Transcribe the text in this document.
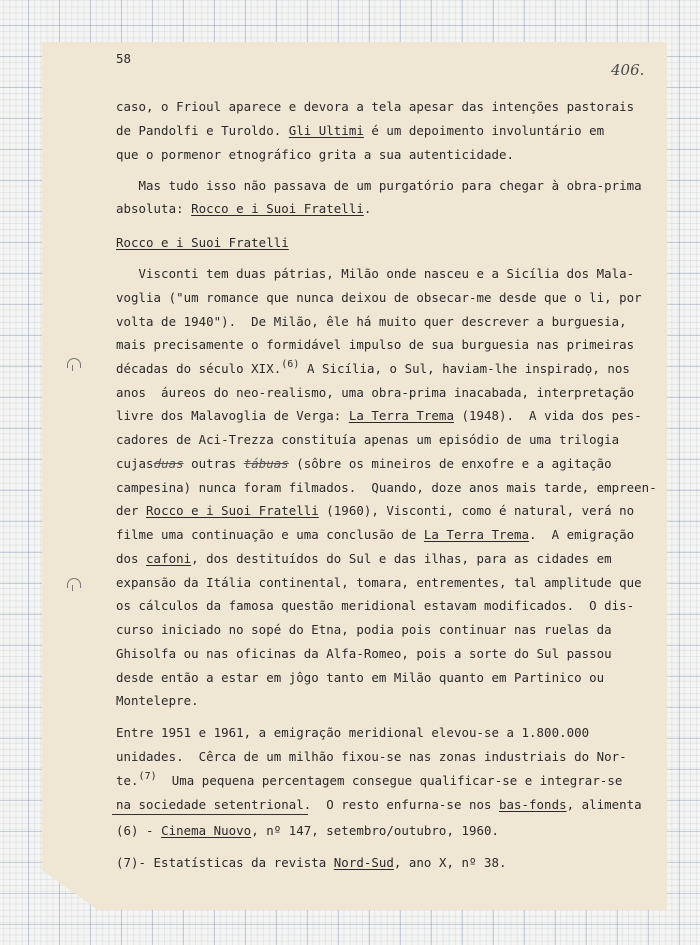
58
406.
caso, o Frioul aparece e devora a tela apesar das intenções pastorais
de Pandolfi e Turoldo. Gli Ultimi é um depoimento involuntário em
que o pormenor etnográfico grita a sua autenticidade.
Mas tudo isso não passava de um purgatório para chegar à obra-prima
absoluta: Rocco e i Suoi Fratelli.
Rocco e i Suoi Fratelli
Visconti tem duas pátrias, Milão onde nasceu e a Sicília dos Mala-
voglia ("um romance que nunca deixou de obsecar-me desde que o li, por
volta de 1940").  De Milão, êle há muito quer descrever a burguesia,
mais precisamente o formidável impulso de sua burguesia nas primeiras
décadas do século XIX.$^{(6)}$ A Sicília, o Sul, haviam-lhe inspiradọ, nos
anos  áureos do neo-realismo, uma obra-prima inacabada, interpretação
livre dos Malavoglia de Verga: La Terra Trema (1948).  A vida dos pes-
cadores de Aci-Trezza constituía apenas um episódio de uma trilogia
cujasduas outras tábuas (sôbre os mineiros de enxofre e a agitação
campesina) nunca foram filmados.  Quando, doze anos mais tarde, empreen-
der Rocco e i Suoi Fratelli (1960), Visconti, como é natural, verá no
filme uma continuação e uma conclusão de La Terra Trema.  A emigração
dos cafoni, dos destituídos do Sul e das ilhas, para as cidades em
expansão da Itália continental, tomara, entrementes, tal amplitude que
os cálculos da famosa questão meridional estavam modificados.  O dis-
curso iniciado no sopé do Etna, podia pois continuar nas ruelas da
Ghisolfa ou nas oficinas da Alfa-Romeo, pois a sorte do Sul passou
desde então a estar em jôgo tanto em Milão quanto em Partinico ou
Montelepre.
Entre 1951 e 1961, a emigração meridional elevou-se a 1.800.000
unidades.  Cêrca de um milhão fixou-se nas zonas industriais do Nor-
te.$^{(7)}$  Uma pequena percentagem consegue qualificar-se e integrar-se
na sociedade setentrional.  O resto enfurna-se nos bas-fonds, alimenta
(6) - Cinema Nuovo, nº 147, setembro/outubro, 1960.
(7)- Estatísticas da revista Nord-Sud, ano X, nº 38.
